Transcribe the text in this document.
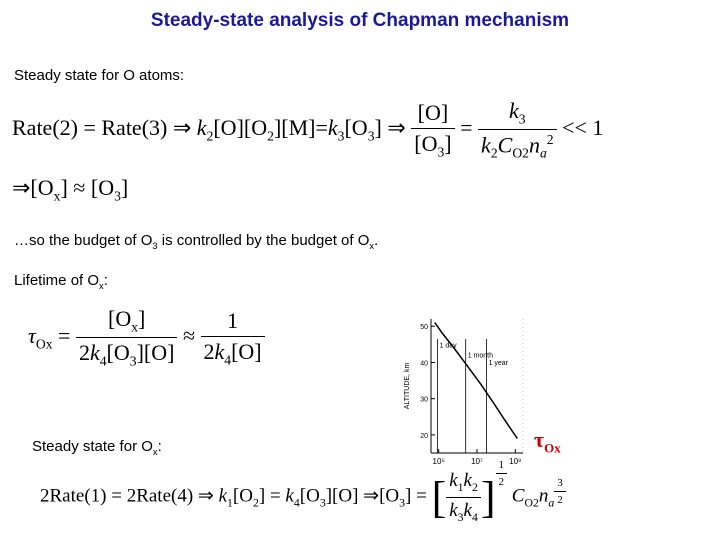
Steady-state analysis of Chapman mechanism
Steady state for O atoms:
Rate(2) = Rate(3) ⇒ $k_2[O][O_2][M]=k_3[O_3]$ ⇒ $\frac{[O]}{[O_3]} = \frac{k_3}{k_2C_{O2}n_a^2} << 1$
$\Rightarrow[O_x] \approx [O_3]$
…so the budget of $O_3$ is controlled by the budget of $O_x$.
Lifetime of $O_x$:
$\tau_{Ox} = \frac{[O_x]}{2k_4[O_3][O]} \approx \frac{1}{2k_4[O]}$
Steady state for $O_x$:	$\tau_{Ox}$
2Rate(1) = 2Rate(4) ⇒ $k_1[O_2] = k_4[O_3][O]$ $\Rightarrow[O_3]$ = [ $\frac{k_1k_2}{k_3k_4}$ ] $^{\frac{1}{2}}$
$C_{O2}n_a$ $^{\frac{3}{2}}$
20
30
40
50
10⁵	10⁷	10⁹
ALTITUDE, km
1 day
1 month
1 year
